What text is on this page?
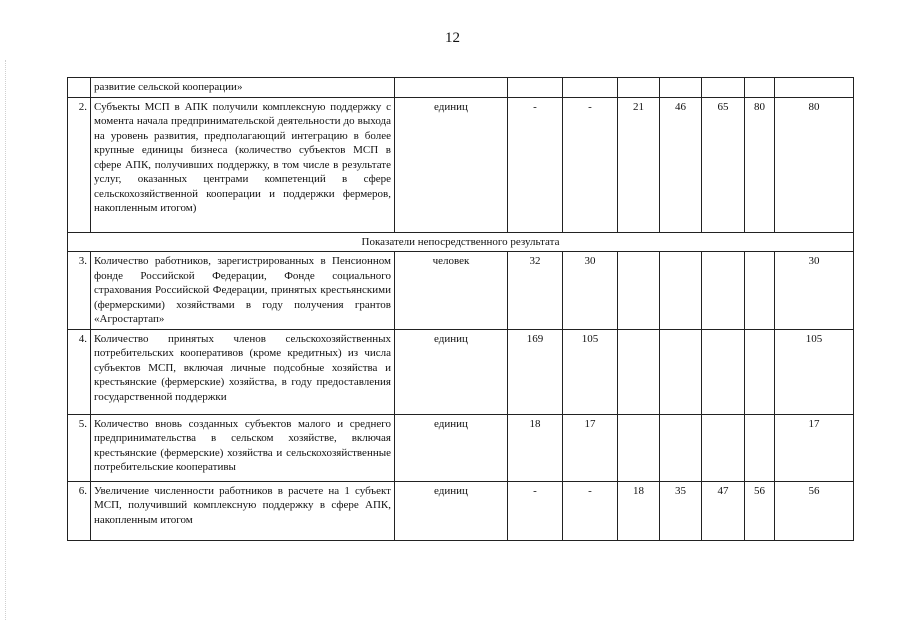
12
	развитие сельской кооперации»								
2.	Субъекты МСП в АПК получили комплексную поддержку с момента начала предпринимательской деятельности до выхода на уровень развития, предполагающий интеграцию в более крупные единицы бизнеса (количество субъектов МСП в сфере АПК, получивших поддержку, в том числе в результате услуг, оказанных центрами компетенций в сфере сельскохозяйственной кооперации и поддержки фермеров, накопленным итогом)	единиц	-	-	21	46	65	80	80
Показатели непосредственного результата									
3.	Количество работников, зарегистрированных в Пенсионном фонде Российской Федерации, Фонде социального страхования Российской Федерации, принятых крестьянскими (фермерскими) хозяйствами в году получения грантов «Агростартап»	человек	32	30					30
4.	Количество принятых членов сельскохозяйственных потребительских кооперативов (кроме кредитных) из числа субъектов МСП, включая личные подсобные хозяйства и крестьянские (фермерские) хозяйства, в году предоставления государственной поддержки	единиц	169	105					105
5.	Количество вновь созданных субъектов малого и среднего предпринимательства в сельском хозяйстве, включая крестьянские (фермерские) хозяйства и сельскохозяйственные потребительские кооперативы	единиц	18	17					17
6.	Увеличение численности работников в расчете на 1 субъект МСП, получивший комплексную поддержку в сфере АПК, накопленным итогом	единиц	-	-	18	35	47	56	56
